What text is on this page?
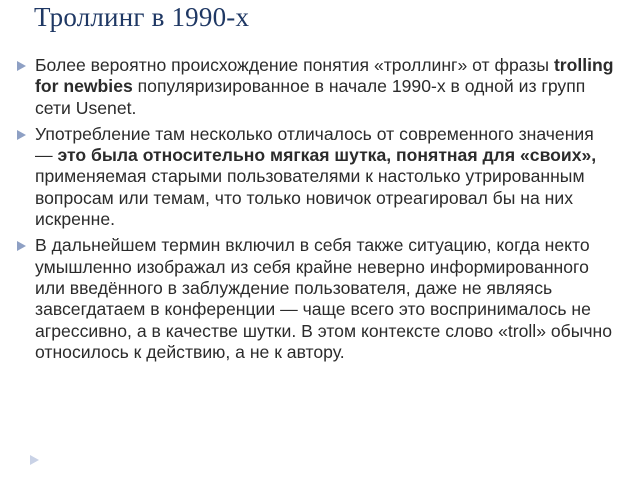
Троллинг в 1990-х
Более вероятно происхождение понятия «троллинг» от фразы trolling for newbies популяризированное в начале 1990-х в одной из групп сети Usenet.
Употребление там несколько отличалось от современного значения — это была относительно мягкая шутка, понятная для «своих», применяемая старыми пользователями к настолько утрированным вопросам или темам, что только новичок отреагировал бы на них искренне.
В дальнейшем термин включил в себя также ситуацию, когда некто умышленно изображал из себя крайне неверно информированного или введённого в заблуждение пользователя, даже не являясь завсегдатаем в конференции — чаще всего это воспринималось не агрессивно, а в качестве шутки. В этом контексте слово «troll» обычно относилось к действию, а не к автору.
